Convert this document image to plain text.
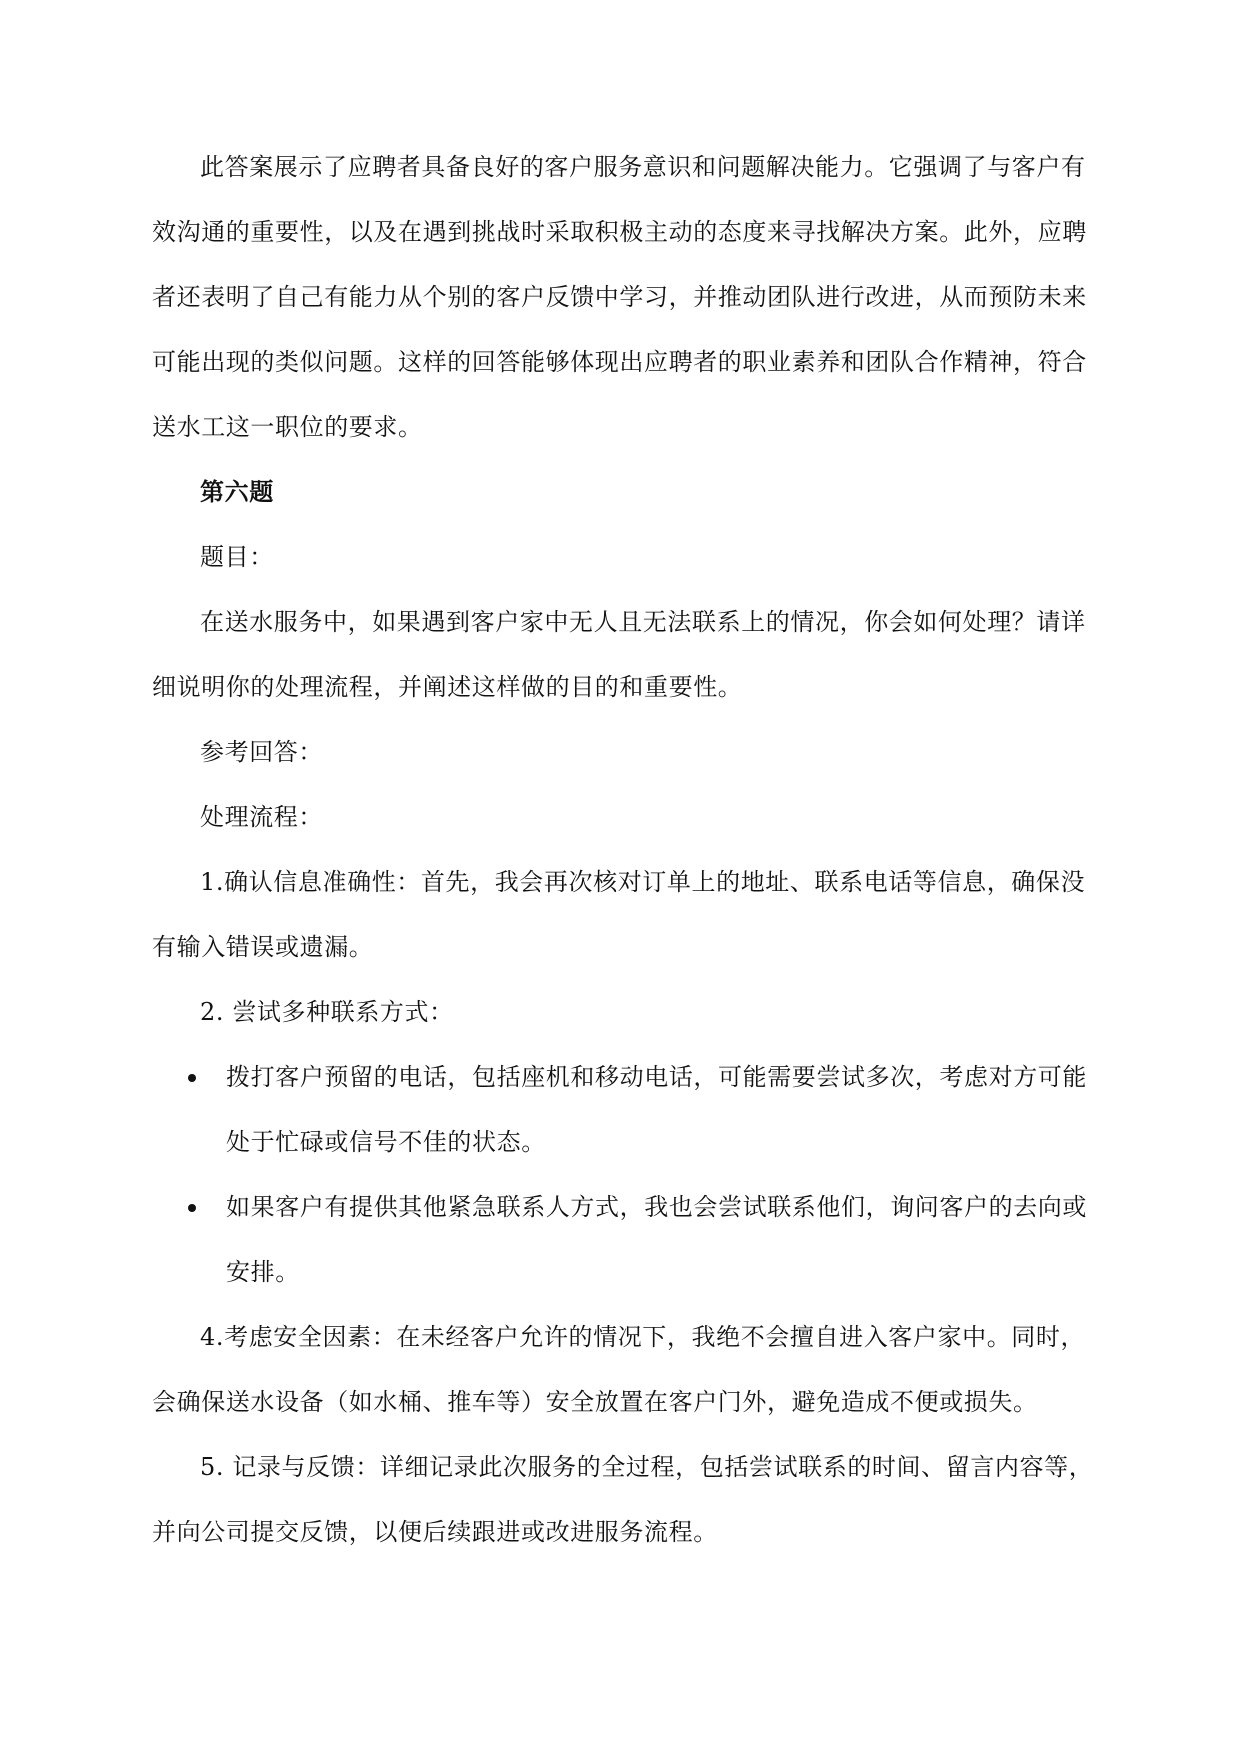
此答案展示了应聘者具备良好的客户服务意识和问题解决能力。它强调了与客户有
效沟通的重要性，以及在遇到挑战时采取积极主动的态度来寻找解决方案。此外，应聘
者还表明了自己有能力从个别的客户反馈中学习，并推动团队进行改进，从而预防未来
可能出现的类似问题。这样的回答能够体现出应聘者的职业素养和团队合作精神，符合
送水工这一职位的要求。
第六题
题目：
在送水服务中，如果遇到客户家中无人且无法联系上的情况，你会如何处理？请详
细说明你的处理流程，并阐述这样做的目的和重要性。
参考回答：
处理流程：
1.确认信息准确性：首先，我会再次核对订单上的地址、联系电话等信息，确保没
有输入错误或遗漏。
2. 尝试多种联系方式：
拨打客户预留的电话，包括座机和移动电话，可能需要尝试多次，考虑对方可能
处于忙碌或信号不佳的状态。
如果客户有提供其他紧急联系人方式，我也会尝试联系他们，询问客户的去向或
安排。
4.考虑安全因素：在未经客户允许的情况下，我绝不会擅自进入客户家中。同时，
会确保送水设备（如水桶、推车等）安全放置在客户门外，避免造成不便或损失。
5. 记录与反馈：详细记录此次服务的全过程，包括尝试联系的时间、留言内容等，
并向公司提交反馈，以便后续跟进或改进服务流程。
